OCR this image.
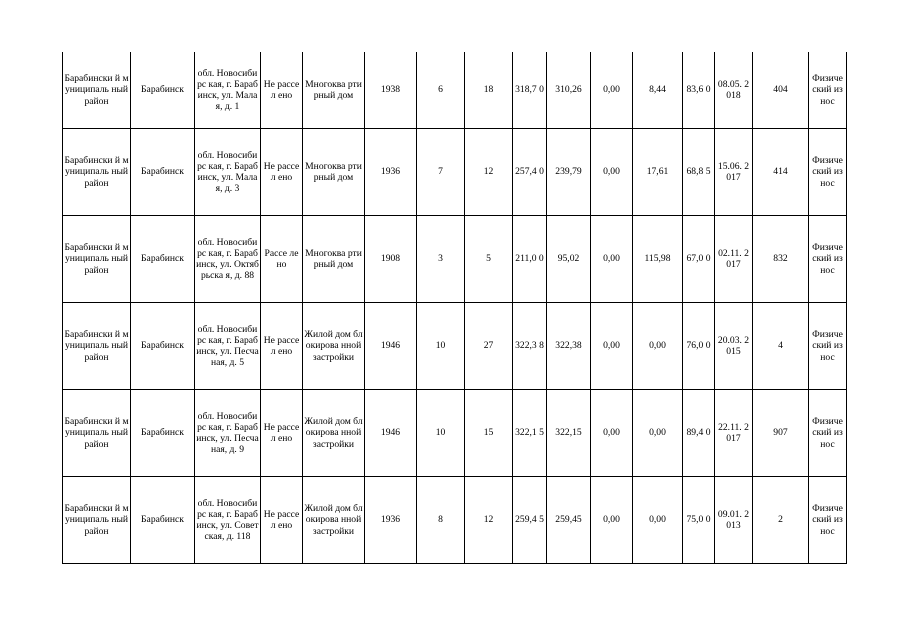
Барабински й муниципаль ный район	Барабинск	обл. Новосибирс кая, г. Барабинск, ул. Малая, д. 1	Не рассел ено	Многоква ртирный дом	1938	6	18	318,7 0	310,26	0,00	8,44	83,6 0	08.05. 2018	404	Физиче ский износ
Барабински й муниципаль ный район	Барабинск	обл. Новосибирс кая, г. Барабинск, ул. Малая, д. 3	Не рассел ено	Многоква ртирный дом	1936	7	12	257,4 0	239,79	0,00	17,61	68,8 5	15.06. 2017	414	Физиче ский износ
Барабински й муниципаль ный район	Барабинск	обл. Новосибирс кая, г. Барабинск, ул. Октябрьска я, д. 88	Рассе лено	Многоква ртирный дом	1908	3	5	211,0 0	95,02	0,00	115,98	67,0 0	02.11. 2017	832	Физиче ский износ
Барабински й муниципаль ный район	Барабинск	обл. Новосибирс кая, г. Барабинск, ул. Песчаная, д. 5	Не рассел ено	Жилой дом блокирова нной застройки	1946	10	27	322,3 8	322,38	0,00	0,00	76,0 0	20.03. 2015	4	Физиче ский износ
Барабински й муниципаль ный район	Барабинск	обл. Новосибирс кая, г. Барабинск, ул. Песчаная, д. 9	Не рассел ено	Жилой дом блокирова нной застройки	1946	10	15	322,1 5	322,15	0,00	0,00	89,4 0	22.11. 2017	907	Физиче ский износ
Барабински й муниципаль ный район	Барабинск	обл. Новосибирс кая, г. Барабинск, ул. Советская, д. 118	Не рассел ено	Жилой дом блокирова нной застройки	1936	8	12	259,4 5	259,45	0,00	0,00	75,0 0	09.01. 2013	2	Физиче ский износ
